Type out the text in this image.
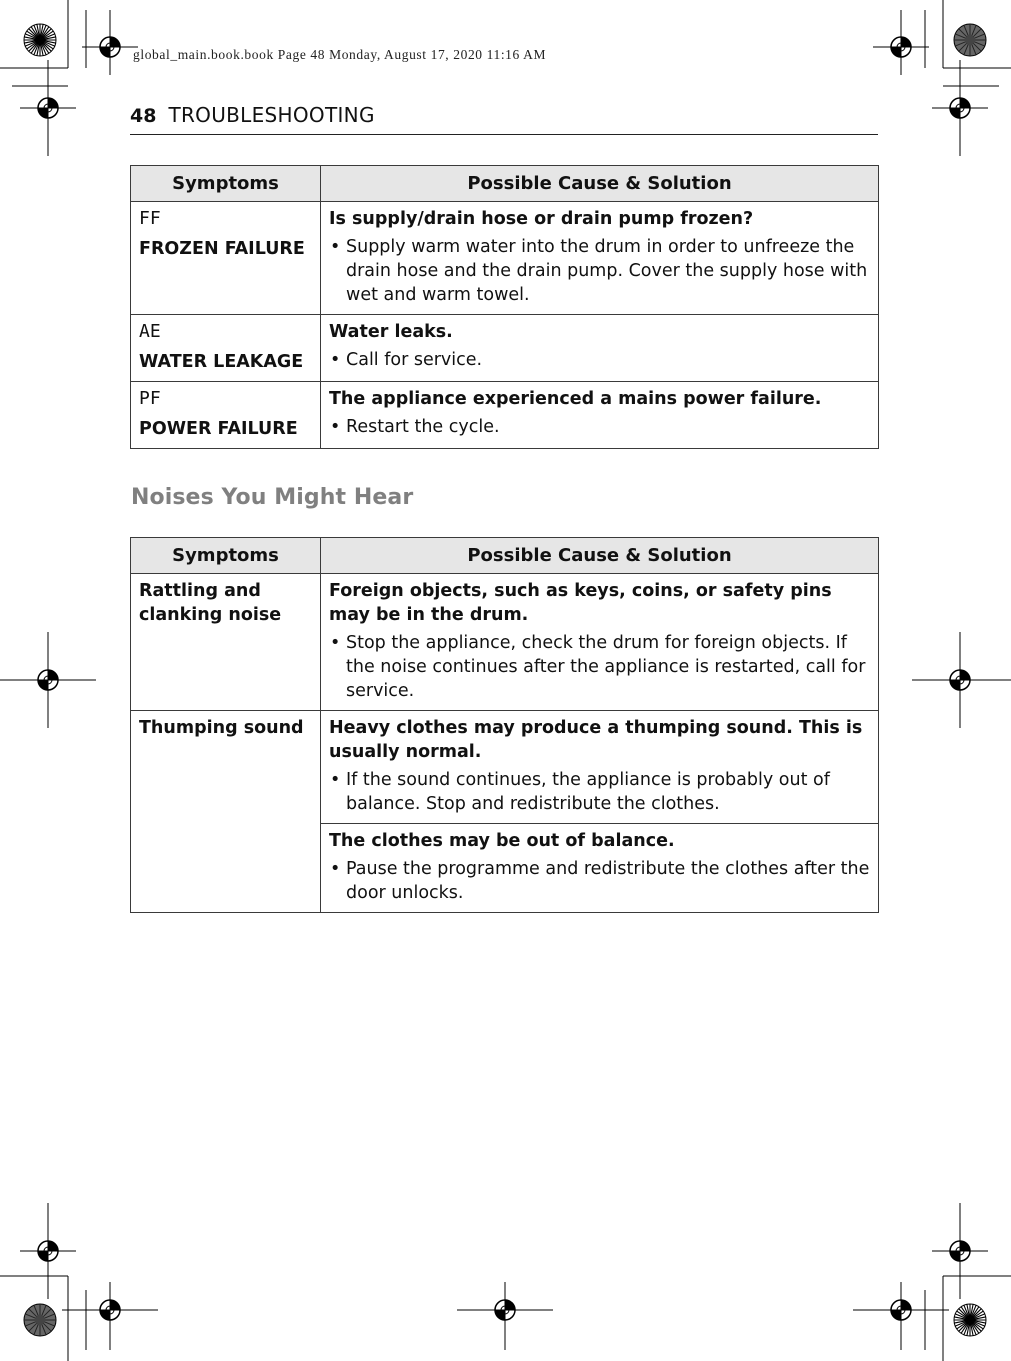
global_main.book.book Page 48 Monday, August 17, 2020 11:16 AM
48 TROUBLESHOOTING
Symptoms	Possible Cause & Solution

FF
FROZEN FAILURE	Is supply/drain hose or drain pump frozen?
• Supply warm water into the drum in order to unfreeze the drain hose and the drain pump. Cover the supply hose with wet and warm towel.

AE
WATER LEAKAGE	Water leaks.
• Call for service.

PF
POWER FAILURE	The appliance experienced a mains power failure.
• Restart the cycle.
Noises You Might Hear
Symptoms	Possible Cause & Solution

Rattling and clanking noise	Foreign objects, such as keys, coins, or safety pins may be in the drum.
• Stop the appliance, check the drum for foreign objects. If the noise continues after the appliance is restarted, call for service.

Thumping sound	Heavy clothes may produce a thumping sound. This is usually normal.
• If the sound continues, the appliance is probably out of balance. Stop and redistribute the clothes.

	The clothes may be out of balance.
• Pause the programme and redistribute the clothes after the door unlocks.
